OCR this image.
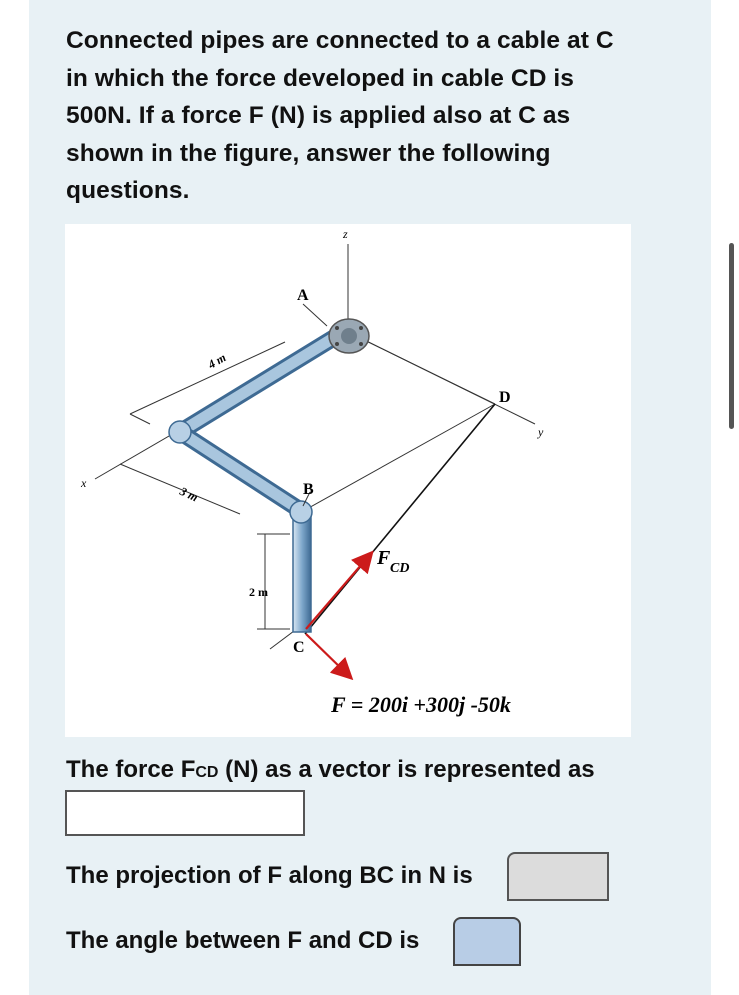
Connected pipes are connected to a cable at C
in which the force developed in cable CD is
500N. If a force F (N) is applied also at C as
shown in the figure, answer the following
questions.
z
x
y
A
B
C
D
4 m
3 m
2 m
F CD
F = 200i +300j -50k
The force FCD (N) as a vector is represented as
The projection of F along BC in N is
The angle between F and CD is
